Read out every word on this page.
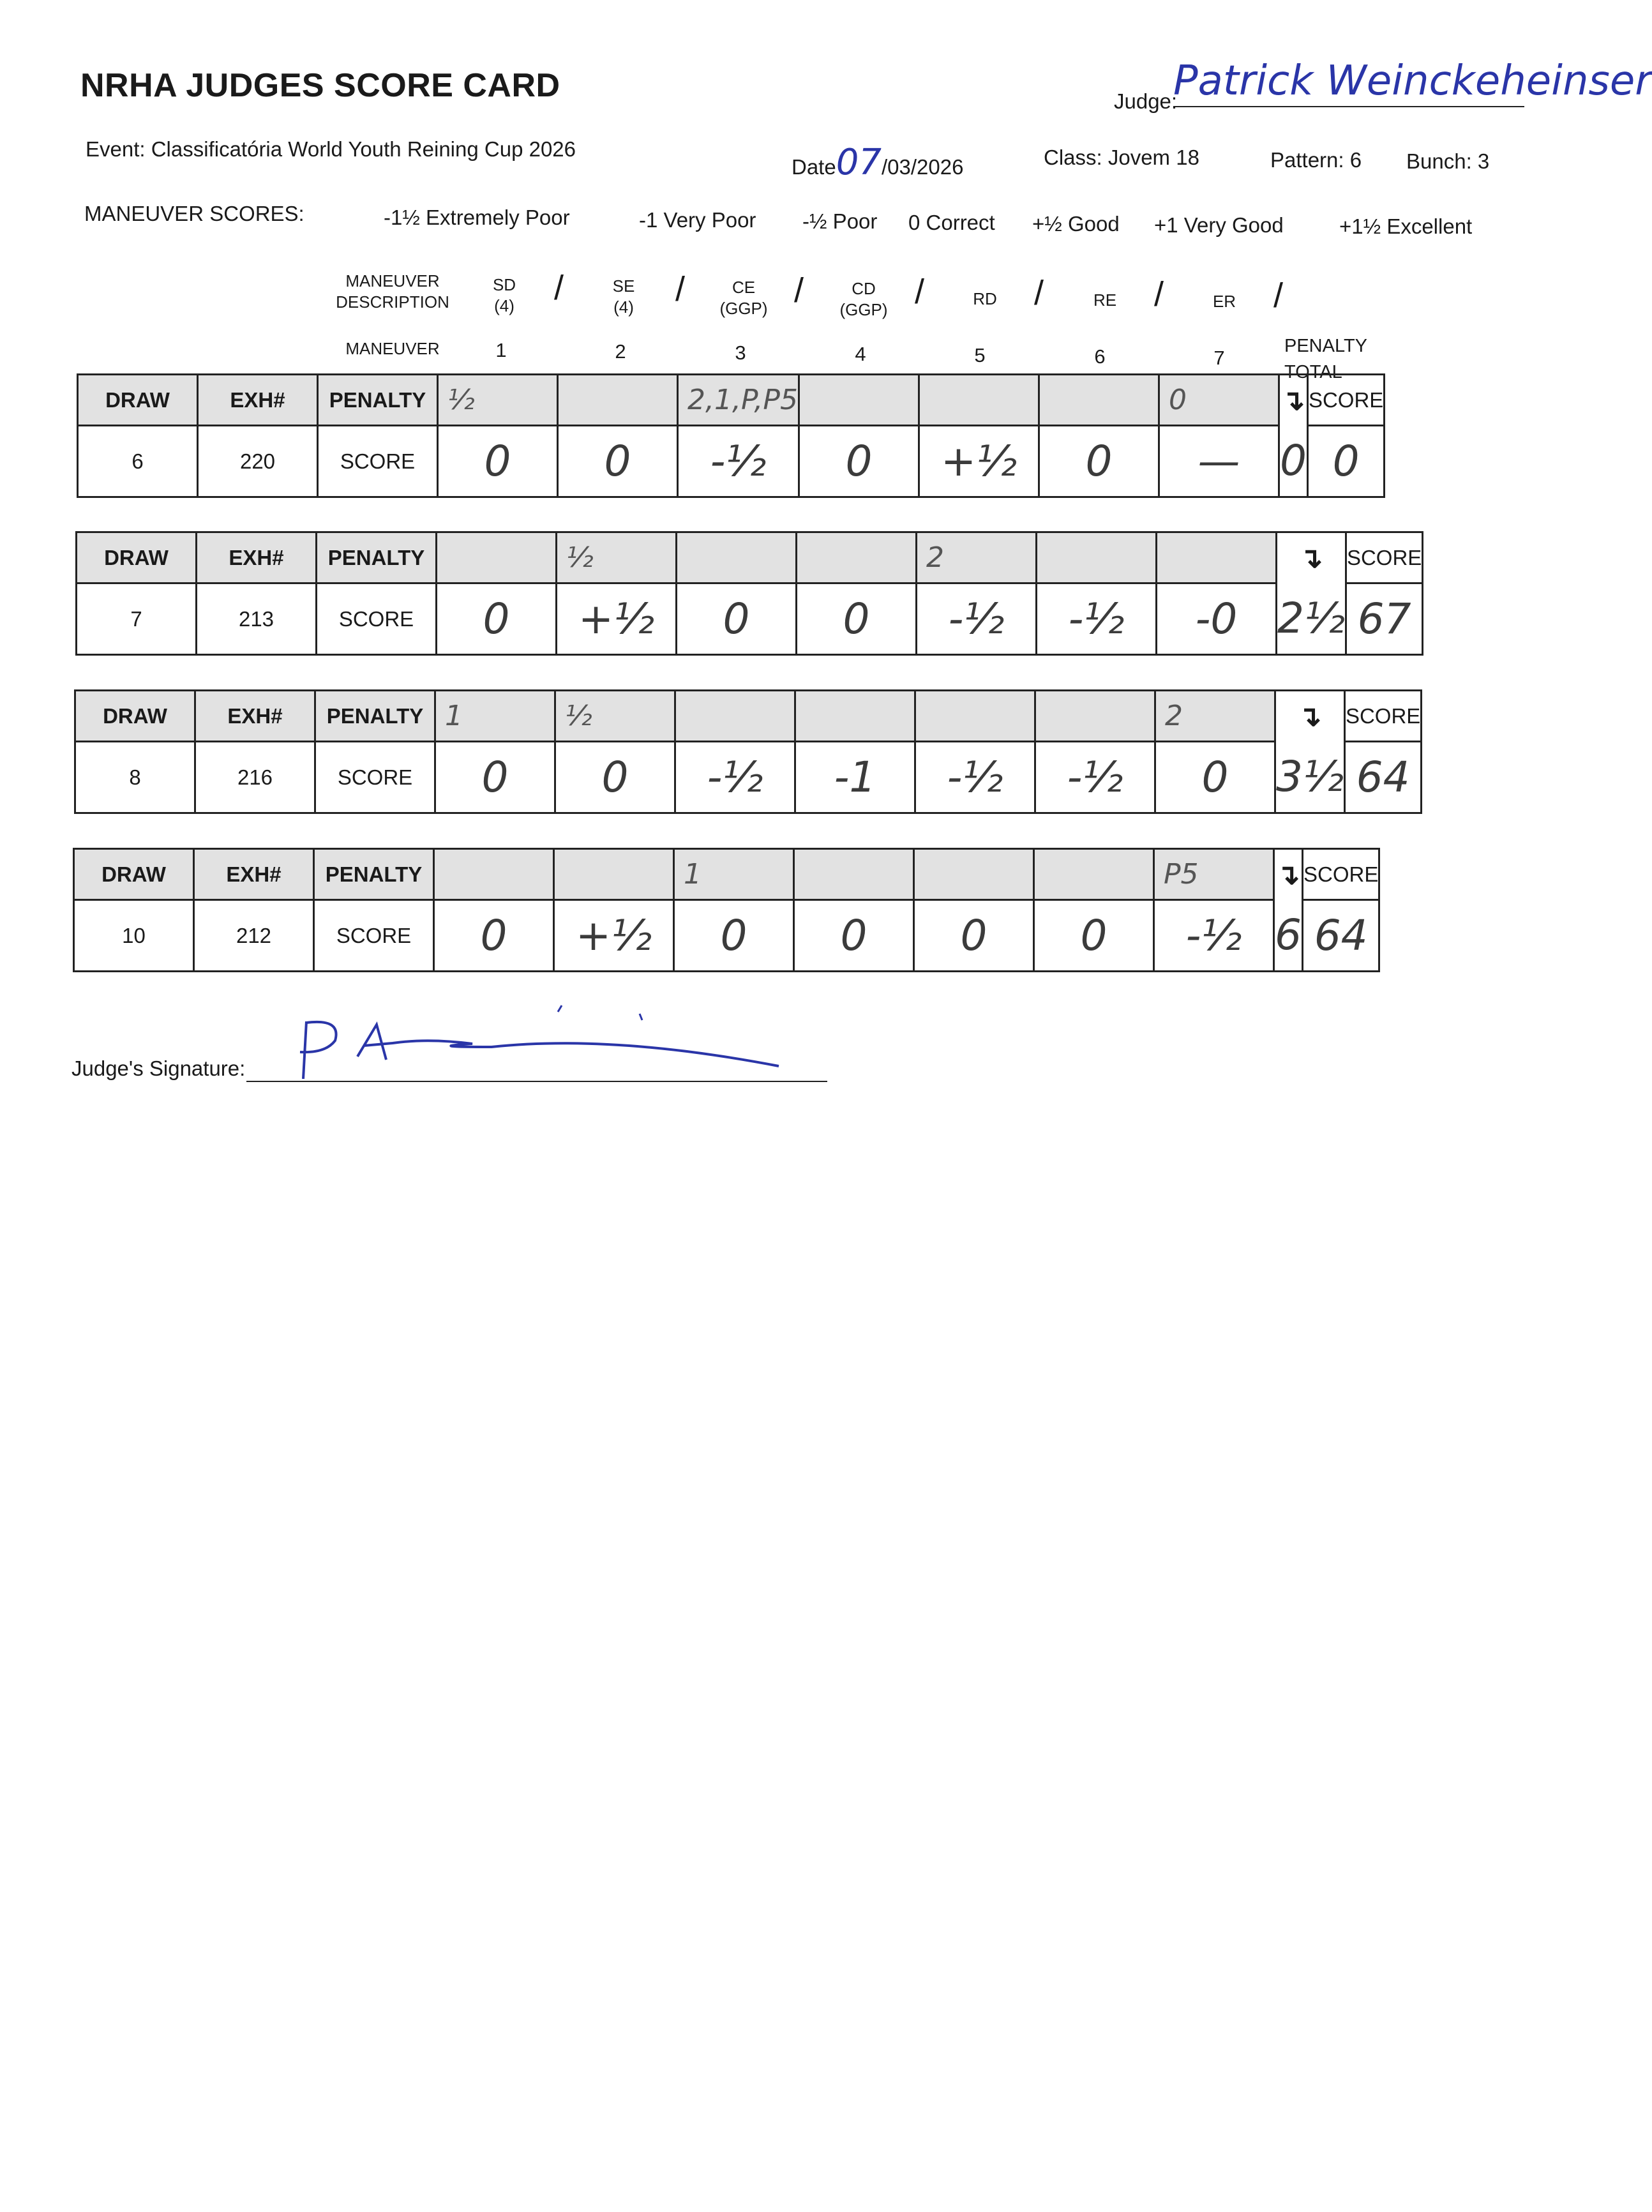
NRHA JUDGES SCORE CARD	Judge:
Patrick Weinckeheinser
Event: Classificatória World Youth Reining Cup 2026
Date07/03/2026	Class: Jovem 18	Pattern: 6 Bunch: 3
MANEUVER SCORES:	-1½ Extremely Poor	-1 Very Poor -½ Poor 0 Correct +½ Good +1 Very Good	+1½ Excellent
MANEUVER
DESCRIPTION
MANEUVER
SD
(4)	/	SE
(4)	/	CE
(GGP) /	CD
(GGP) /	RD	/	RE	/	ER	/
1	2	3	4	5	6	7
PENALTY
TOTAL
DRAW	EXH#	PENALTY	½		2,1,P,P5				0	↴	SCORE
6	220	SCORE	0	0	-½	0	+½	0	—	0	0
DRAW	EXH#	PENALTY		½			2			↴	SCORE
7	213	SCORE	0	+½	0	0	-½	-½	-0	2½	67
DRAW	EXH#	PENALTY	1	½					2	↴	SCORE
8	216	SCORE	0	0	-½	-1	-½	-½	0	3½	64
DRAW	EXH#	PENALTY			1				P5	↴	SCORE
10	212	SCORE	0	+½	0	0	0	0	-½	6	64
Judge's Signature:
